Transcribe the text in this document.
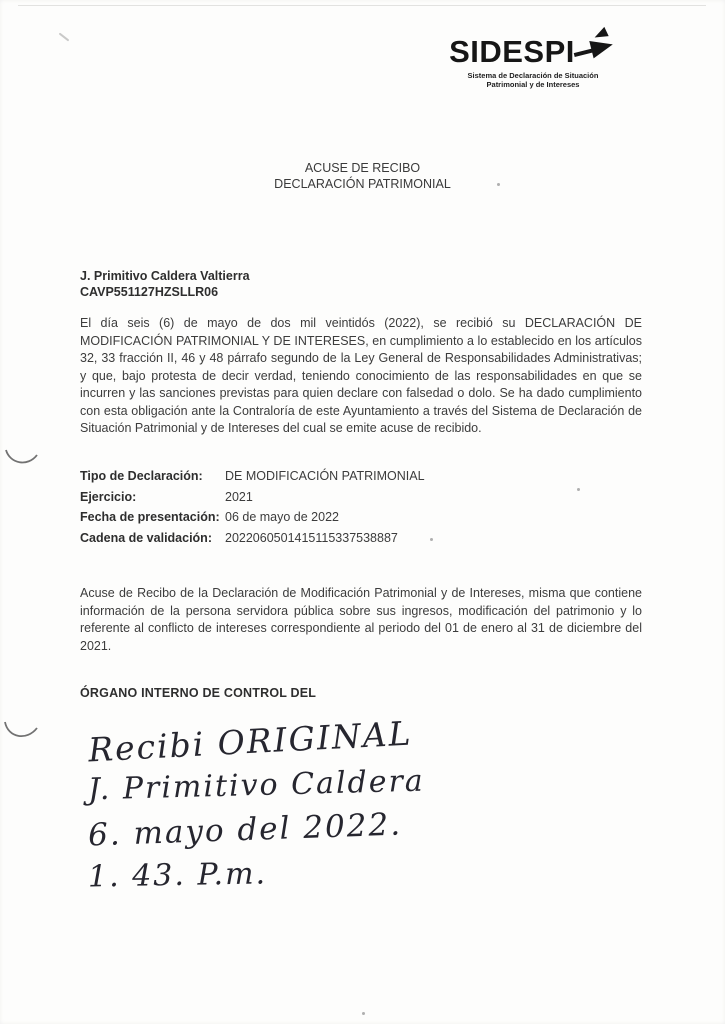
SIDESPI
Sistema de Declaración de Situación
Patrimonial y de Intereses
ACUSE DE RECIBO
DECLARACIÓN PATRIMONIAL
J. Primitivo Caldera Valtierra
CAVP551127HZSLLR06
El día seis (6) de mayo de dos mil veintidós (2022), se recibió su DECLARACIÓN DE MODIFICACIÓN PATRIMONIAL Y DE INTERESES, en cumplimiento a lo establecido en los artículos 32, 33 fracción II, 46 y 48 párrafo segundo de la Ley General de Responsabilidades Administrativas; y que, bajo protesta de decir verdad, teniendo conocimiento de las responsabilidades en que se incurren y las sanciones previstas para quien declare con falsedad o dolo. Se ha dado cumplimiento con esta obligación ante la Contraloría de este Ayuntamiento a través del Sistema de Declaración de Situación Patrimonial y de Intereses del cual se emite acuse de recibido.
Tipo de Declaración:	DE MODIFICACIÓN PATRIMONIAL
Ejercicio:	2021
Fecha de presentación: 06 de mayo de 2022
Cadena de validación:	2022060501415115337538887
Acuse de Recibo de la Declaración de Modificación Patrimonial y de Intereses, misma que contiene información de la persona servidora pública sobre sus ingresos, modificación del patrimonio y lo referente al conflicto de intereses correspondiente al periodo del 01 de enero al 31 de diciembre del 2021.
ÓRGANO INTERNO DE CONTROL DEL
Recibi ORIGINAL
J. Primitivo Caldera
6. mayo del 2022.
1. 43. P.m.
